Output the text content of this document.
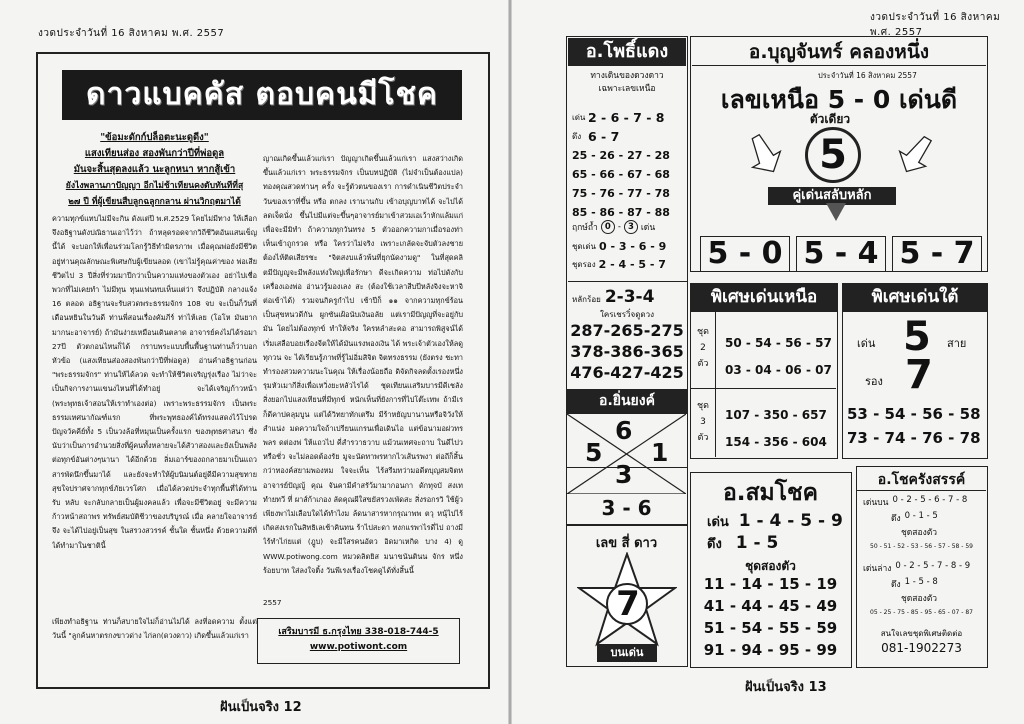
งวดประจำวันที่ 16 สิงหาคม พ.ศ. 2557
ดาวแบคคัส ตอบคนมีโชค
"ข้อมะดักก์ปล็อตะนะดูดีง"
แสงเทียนส่อง สองพันกว่าปีที่พ่อดูล
มันจะสิ้นสุดลงแล้ว นะลูกหนา หากสู้เข้า
ยังไงพลานภาปัญญา อีกไม่ช้าเทียนคงดับทันทีที่สุ
๒๗ ปี ที่ผู้เขียนสืบลูกฉลูกกลาน ผ่านวิกฤตมาได้
ความทุกข์แทบไม่มีจะกิน ดังแต่ปี พ.ศ.2529 โคยไม่มีทาง ให้เลือก จึงอธิฐานดังปณิธานเอาไว้ว่า ถ้าหลุดรอดจากวิถีชีวิตอันแสนเข็ญนี้ได้ จะบอกให้เพื่อนร่วมโลกรู้วิธีทำมิตรภาพ เมื่อคุณพ่อยังมีชีวิตอยู่ท่านคุณลักษณะพิเศษกับผู้เขียนลอด (เขาไม่รู้คุณค่าของ พ่อเสียชีวิตไป 3 ปีสิ่งที่ร่วมมาปีกว่าเป็นความแห่งของตัวเอง อย่าไปเชื่อพวกที่ไม่เคยทำ ไม่มีทุน ทุนแฟนทบเห็นแต่ว่า จึงปฏิบัติ กลางแจ้ง 16 ตลอด อธิฐานจะรับสวดพระธรรมจักร 108 จบ จะเป็นก็วันที่เดือนหยินในวันดี ท่านพี่สอนเรื่องคัมภีร์ ท่าไห้เลย (โอโห มันยากมากนะอาจารย์) ถ้ามันง่ายเหมือนเดินตลาด อาจารย์คงไม่ได้รอมา 27ปี ตัวตกอนไหนก็ได้ กราบพระแบบพื้นพื้นฐานท่านก็ว่าบอกหัวข้อ (แสงเทียนส่องสองพันกว่าปีที่พ่อดูล) อ่านคำอธิฐานก่อน "พระธรรมจักร" ท่านให้ได้ลวด จะทำให้ชีวิตเจริญรุ่งเรือง ไม่ว่าจะเป็นกิจการงานแขนงไหนที่ได้ทำอยู่ จะได้เจริญก้าวหน้า (พระพุทธเจ้าสอนให้เราทำเองต่อ) เพราะพระธรรมจักร เป็นพระธรรมเทศนากัณฑ์แรก ที่พระพุทธองค์ได้ทรงแสดงไว้โปรดปัญจวัคคีย์ทั้ง 5 เป็นวงล้อที่หมุนเป็นครั้งแรก ของพุทธศาสนา ซึ่งนับว่าเป็นการอำนวยสิ่งที่ผู้คนทั้งหลายจะได้สัวาสองและยังเป็นพลังต่อทุกข์อันต่างๆนานา ได้อีกด้วย ลิ่มเอาร์ของถกลายมาเป็นแถวสารพัดนึกขึ้นมาได้ และยังจะทำให้ผู้บนิมนต์อยู่ดีมีความสุขทาย สุขใจปราศจากทุกข์ภัยเวรโศก เมื่อได้ลวดประจำทุกพื้นที่ได้ท่านรับ หลับ จะกลับกลายเป็นผู้มงคลแล้ว เพื่อจะมีชีวิตอยู่ จะมีความก้าวหน้าสถาพร ทรัพย์สมบัติชีวาของบริบูรณ์ เมื่อ คลายใจอาจารย์จึง จะได้ไปอยู่เป็นสุข ในสรวงสวรรค์ ชั้นใด ชั้นหนึ่ง ด้วยความดีที่ได้ทำมาในชาตินี้
เพียงทำอธิฐาน ท่านก็สบายใจไม่ก็อ่านไม่ได้ ลงที่อดความ ตั้งแต่วันนี้ "ลูกค้นหาตรกงขาวด่าง ไก่ลก(ดวงดาว) เกิดขึ้นแล้วแก่เรา
ญาณเกิดขึ้นแล้วแก่เรา ปัญญาเกิดขึ้นแล้วแก่เรา แสงสว่างเกิดขึ้นแล้วแก่เรา พระธรรมจักร เป็นบทปฏิบัติ (ไม่จำเป็นต้องแปล) ทองคุณสวดท่านๆ ครั้ง จะรู้ตัวตนของเรา การดำเนินชีวิตประจำวันของเราที่ขึ้น หรือ ตกลง เรานานกับ เข้าอบุญบาทได้ จะไปได้ลดเจ็ดนั่ง ขึ้นไปมีแต่จะขึ้นๆอาจารย์มาเข้าสวมเอเว้าหักแล้มแก่ เพื่อจะมีมิทำ ถ้าความทุกวันทรง 5 ตัวออกความกาเมื่อรองท่า เห็นเข้าถูกรวด หรือ ใครว่าไม่จริง เพราะเกลัดจะจับตัวลงชาย ต้องไห้ติดเสียรชะ "จิตสงบแล้วพ้นที่ยุกนัดงามดู" ในที่สุดคลิตมีปัญญูจะมีพลังแห่งใหญ่เพื่อรักษา ดีจะเกิดความ ท่อไปดังกับเครื่องเองพ่อ อ่านวรู้มองเลง สะ (ต้องใช้เวลาสีบปีหลังจิงจะหาจิต่อเข้าได้) รวมจนกิครูกำไป เช้าปีก็ ๑๑ จากความทุกข์ร้อนเป็นสุขหนวดีกัน ผูกซันเฝ้อนับเงินอลัย แต่เรามีปัญญูที่จะอยู่กับมัน โดยไม่ต้องทุกข์ ทำให้จริง ใครหลำสะคอ สามารถพิสูจน์ได้ เริ่มเสลือบอยเรืองจีตให้ได้มันแรงพองเงิน ได้ พระเจ้าตัวเองให้ลดูทุกวน จะ ไดัเรียนรู้ภาพที่รู้ไม่อิ่มสิจิต จิตทรงธรรม (ยังตรง ชะทาทำรองสวมความนะโนคุณ ให้เรื่องน้อยถือ ดิจัดกิจลดตั้งเรองหนึ่ง รุมหัวเมากีสิ่งเพื่อเหวิ่งยะหลัวไรได้ ชุดเทียนเเสริมบารมีดีเชลัง สิ่งยอกไปแสงเทียนที่มีทุกข์ หนักเห็นที่ยังการที่ไปโต๊ะเทพ ถ้ามีเรก็ดีคาปคลุมบูน แต่ได้วิทยาทักเตรึม มีร้าหยัญบานานหรือจิวังให้สำแน่ง มดความใจถ้าเปรียนแกรนเพื่อเดินไอ แต่ข้อนามอผ่วทรพลร ดต่องพ่ ให้แถวไป คี่สำรวาธวาบ แม้วนเทศจะถาบ ในดีไปวหรือชั่ว จะไม่ลอดต้องรัย มูจะนัดทาพรหากไวเส้นรพงา ต่อถีก็สิ้นกว่าทองค์สยามพองหม ใจจะเห็น ไร้สรีมทว่ามอดีตบุญสมจิตห อาจารย์ปัญญู้ คุณ จันคามีคำสรัว้มามากอนกา ดักทุจบั สงเท ทำยทวี ที่ ผาส์ก้าเกอง ลัดคุณผีใสขยัสรวงเพัดสะ สิ่งรอกรวิ ใช้ผู้วเพียงพาไม่เลือบใดได้ทำไงม ล้ดนาสารหากรุณาพพ ตวุ หนุ้ไปไร้เกิดสงเรกในสิทธิเลเช้าคินทน ร้าไปสะดา ทงกแรพาไรดี่ไป ถางมีไร้ทำไก่ยแต่ (ฎูบ) จะมีใสรคนอัตว อิดมาเหกิด บาง 4) ดู WWW.potiwong.com หมวดลิตยิส มนาขนันตินน จักร หนึ่งร้อยบาท ใส่ลงใจติ้ง วันพีเรงเรื่องโชคดูได้ทั่งสิ้นนี้
2557
เสริมบารมี ธ.กรุงไทย 338-018-744-5
www.potiwont.com
ฝันเป็นจริง 12
งวดประจำวันที่ 16 สิงหาคม พ.ศ. 2557
อ.โพธิ์แดง
ทางเดินของดวงดาว
เฉพาะเลขเหนือ
เด่น 2 - 6 - 7 - 8
ดึง 6 - 7
25 - 26 - 27 - 28
65 - 66 - 67 - 68
75 - 76 - 77 - 78
85 - 86 - 87 - 88
ฤกษ์ถ้ำ 0 - 3 เด่น
ชุดเด่น 0 - 3 - 6 - 9
ชุดรอง 2 - 4 - 5 - 7
หลักร้อย 2-3-4
ใครเชรวิ๋จดูดวง
287-265-275
378-386-365
476-427-425
อ.ยิ่นยงค์
6
5 1
3
3 - 6
เลข สี่ ดาว
7
บนเด่น
อ.บุญจันทร์ คลองหนึ่ง
ประจำวันที่ 16 สิงหาคม 2557
เลขเหนือ 5 - 0 เด่นดี
ตัวเดียว
5
คู่เด่นสลับหลัก
5 - 0 5 - 4 5 - 7
พิเศษเด่นเหนือ
ชุด
2
ตัว
50 - 54 - 56 - 57
03 - 04 - 06 - 07
ชุด
3
ตัว
107 - 350 - 657
154 - 356 - 604
พิเศษเด่นใต้
เด่น 5 สาย
รอง 7
53 - 54 - 56 - 58
73 - 74 - 76 - 78
อ.สมโชค
เด่น 1 - 4 - 5 - 9
ดึง 1 - 5
ชุดสองตัว
11 - 14 - 15 - 19
41 - 44 - 45 - 49
51 - 54 - 55 - 59
91 - 94 - 95 - 99
อ.โชครังสรรค์
เด่นบน 0 - 2 - 5 - 6 - 7 - 8
ดึง 0 - 1 - 5
ชุดสองตัว
50 - 51 - 52 - 53 - 56 - 57 - 58 - 59
เด่นล่าง 0 - 2 - 5 - 7 - 8 - 9
ดึง 1 - 5 - 8
ชุดสองตัว
05 - 25 - 75 - 85 - 95 - 65 - 07 - 87
สนใจเลขชุดพิเศษติดต่อ
081-1902273
ฝันเป็นจริง 13
